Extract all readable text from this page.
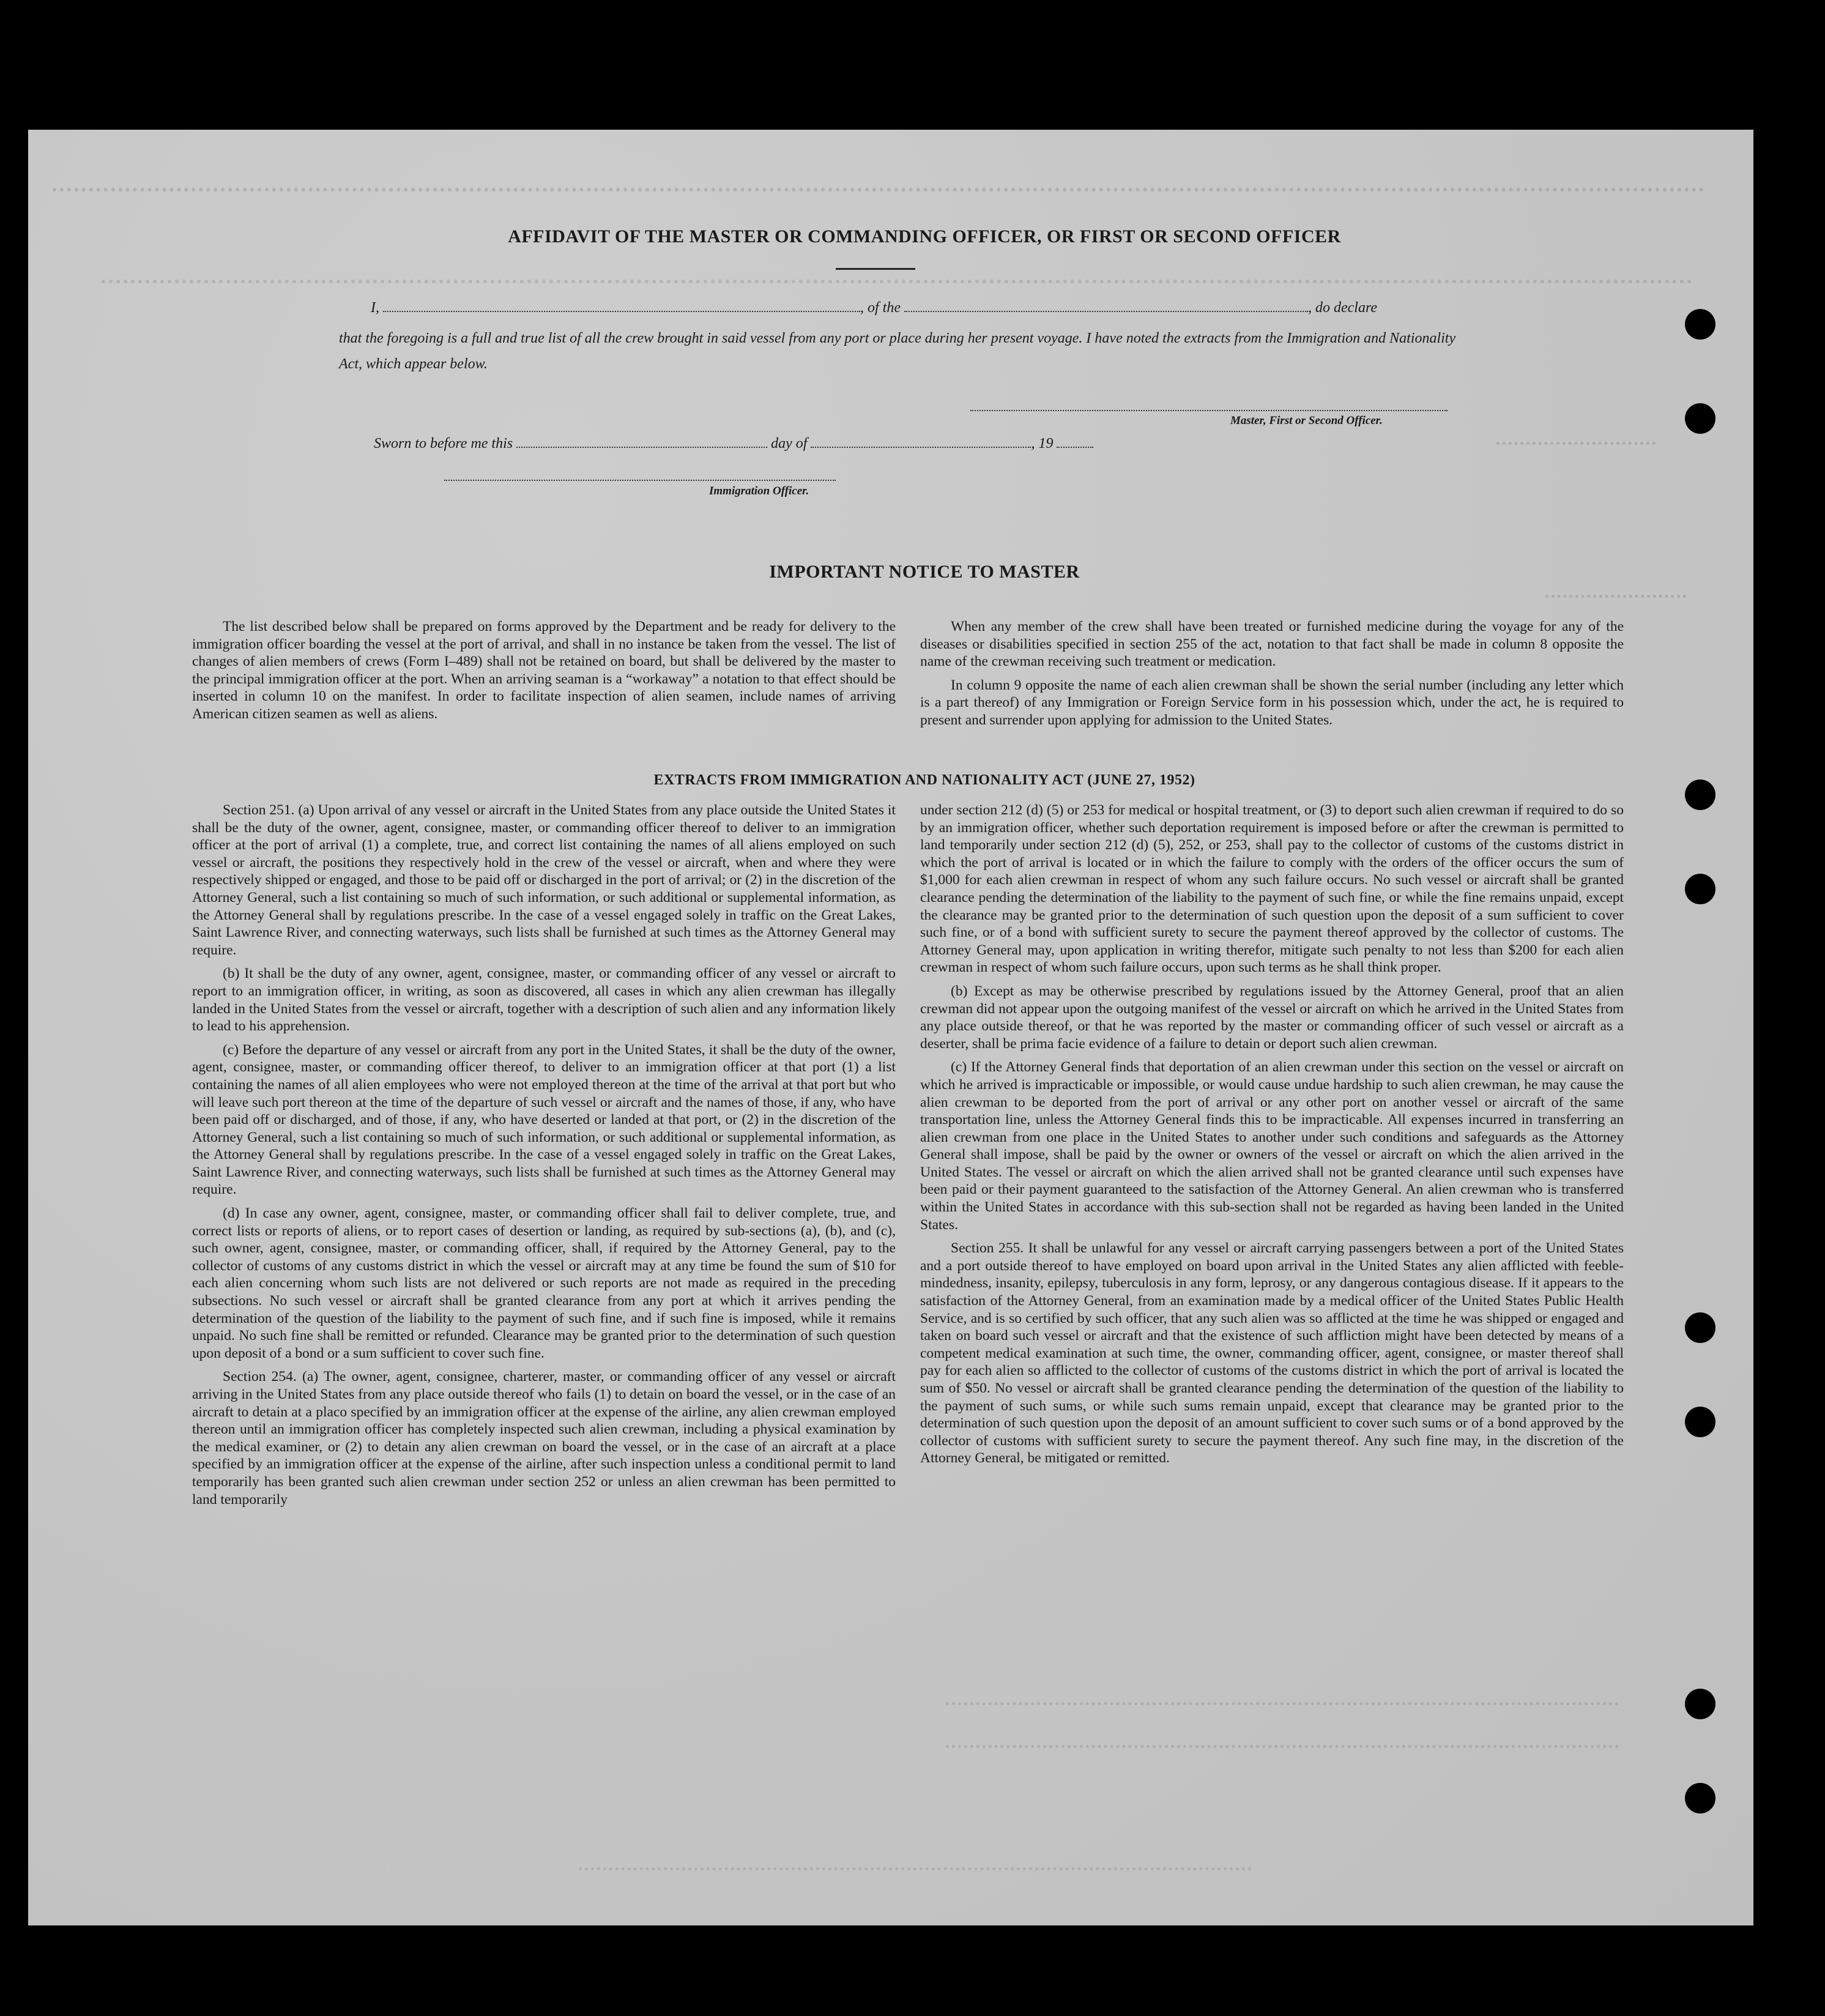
AFFIDAVIT OF THE MASTER OR COMMANDING OFFICER, OR FIRST OR SECOND OFFICER
I,	, of the	, do declare
that the foregoing is a full and true list of all the crew brought in said vessel from any port or place during her present voyage. I have noted the extracts from the Immigration and Nationality Act, which appear below.
Master, First or Second Officer.
Sworn to before me this	day of	, 19
Immigration Officer.
IMPORTANT NOTICE TO MASTER

The list described below shall be prepared on forms approved by the Department and be ready for delivery to the immigration officer boarding the vessel at the port of arrival, and shall in no instance be taken from the vessel. The list of changes of alien members of crews (Form I–489) shall not be retained on board, but shall be delivered by the master to the principal immigration officer at the port. When an arriving seaman is a “workaway” a notation to that effect should be inserted in column 10 on the manifest. In order to facilitate inspection of alien seamen, include names of arriving American citizen seamen as well as aliens.

When any member of the crew shall have been treated or furnished medicine during the voyage for any of the diseases or disabilities specified in section 255 of the act, notation to that fact shall be made in column 8 opposite the name of the crewman receiving such treatment or medication.

In column 9 opposite the name of each alien crewman shall be shown the serial number (including any letter which is a part thereof) of any Immigration or Foreign Service form in his possession which, under the act, he is required to present and surrender upon applying for admission to the United States.

EXTRACTS FROM IMMIGRATION AND NATIONALITY ACT (JUNE 27, 1952)

Section 251. (a) Upon arrival of any vessel or aircraft in the United States from any place outside the United States it shall be the duty of the owner, agent, consignee, master, or commanding officer thereof to deliver to an immigration officer at the port of arrival (1) a complete, true, and correct list containing the names of all aliens employed on such vessel or aircraft, the positions they respectively hold in the crew of the vessel or aircraft, when and where they were respectively shipped or engaged, and those to be paid off or discharged in the port of arrival; or (2) in the discretion of the Attorney General, such a list containing so much of such information, or such additional or supplemental information, as the Attorney General shall by regulations prescribe. In the case of a vessel engaged solely in traffic on the Great Lakes, Saint Lawrence River, and connecting waterways, such lists shall be furnished at such times as the Attorney General may require.

(b) It shall be the duty of any owner, agent, consignee, master, or commanding officer of any vessel or aircraft to report to an immigration officer, in writing, as soon as discovered, all cases in which any alien crewman has illegally landed in the United States from the vessel or aircraft, together with a description of such alien and any information likely to lead to his apprehension.

(c) Before the departure of any vessel or aircraft from any port in the United States, it shall be the duty of the owner, agent, consignee, master, or commanding officer thereof, to deliver to an immigration officer at that port (1) a list containing the names of all alien employees who were not employed thereon at the time of the arrival at that port but who will leave such port thereon at the time of the departure of such vessel or aircraft and the names of those, if any, who have been paid off or discharged, and of those, if any, who have deserted or landed at that port, or (2) in the discretion of the Attorney General, such a list containing so much of such information, or such additional or supplemental information, as the Attorney General shall by regulations prescribe. In the case of a vessel engaged solely in traffic on the Great Lakes, Saint Lawrence River, and connecting waterways, such lists shall be furnished at such times as the Attorney General may require.

(d) In case any owner, agent, consignee, master, or commanding officer shall fail to deliver complete, true, and correct lists or reports of aliens, or to report cases of desertion or landing, as required by sub-sections (a), (b), and (c), such owner, agent, consignee, master, or commanding officer, shall, if required by the Attorney General, pay to the collector of customs of any customs district in which the vessel or aircraft may at any time be found the sum of $10 for each alien concerning whom such lists are not delivered or such reports are not made as required in the preceding subsections. No such vessel or aircraft shall be granted clearance from any port at which it arrives pending the determination of the question of the liability to the payment of such fine, and if such fine is imposed, while it remains unpaid. No such fine shall be remitted or refunded. Clearance may be granted prior to the determination of such question upon deposit of a bond or a sum sufficient to cover such fine.

Section 254. (a) The owner, agent, consignee, charterer, master, or commanding officer of any vessel or aircraft arriving in the United States from any place outside thereof who fails (1) to detain on board the vessel, or in the case of an aircraft to detain at a placo specified by an immigration officer at the expense of the airline, any alien crewman employed thereon until an immigration officer has completely inspected such alien crewman, including a physical examination by the medical examiner, or (2) to detain any alien crewman on board the vessel, or in the case of an aircraft at a place specified by an immigration officer at the expense of the airline, after such inspection unless a conditional permit to land temporarily has been granted such alien crewman under section 252 or unless an alien crewman has been permitted to land temporarily

under section 212 (d) (5) or 253 for medical or hospital treatment, or (3) to deport such alien crewman if required to do so by an immigration officer, whether such deportation requirement is imposed before or after the crewman is permitted to land temporarily under section 212 (d) (5), 252, or 253, shall pay to the collector of customs of the customs district in which the port of arrival is located or in which the failure to comply with the orders of the officer occurs the sum of $1,000 for each alien crewman in respect of whom any such failure occurs. No such vessel or aircraft shall be granted clearance pending the determination of the liability to the payment of such fine, or while the fine remains unpaid, except the clearance may be granted prior to the determination of such question upon the deposit of a sum sufficient to cover such fine, or of a bond with sufficient surety to secure the payment thereof approved by the collector of customs. The Attorney General may, upon application in writing therefor, mitigate such penalty to not less than $200 for each alien crewman in respect of whom such failure occurs, upon such terms as he shall think proper.

(b) Except as may be otherwise prescribed by regulations issued by the Attorney General, proof that an alien crewman did not appear upon the outgoing manifest of the vessel or aircraft on which he arrived in the United States from any place outside thereof, or that he was reported by the master or commanding officer of such vessel or aircraft as a deserter, shall be prima facie evidence of a failure to detain or deport such alien crewman.

(c) If the Attorney General finds that deportation of an alien crewman under this section on the vessel or aircraft on which he arrived is impracticable or impossible, or would cause undue hardship to such alien crewman, he may cause the alien crewman to be deported from the port of arrival or any other port on another vessel or aircraft of the same transportation line, unless the Attorney General finds this to be impracticable. All expenses incurred in transferring an alien crewman from one place in the United States to another under such conditions and safeguards as the Attorney General shall impose, shall be paid by the owner or owners of the vessel or aircraft on which the alien arrived in the United States. The vessel or aircraft on which the alien arrived shall not be granted clearance until such expenses have been paid or their payment guaranteed to the satisfaction of the Attorney General. An alien crewman who is transferred within the United States in accordance with this sub-section shall not be regarded as having been landed in the United States.

Section 255. It shall be unlawful for any vessel or aircraft carrying passengers between a port of the United States and a port outside thereof to have employed on board upon arrival in the United States any alien afflicted with feeble-mindedness, insanity, epilepsy, tuberculosis in any form, leprosy, or any dangerous contagious disease. If it appears to the satisfaction of the Attorney General, from an examination made by a medical officer of the United States Public Health Service, and is so certified by such officer, that any such alien was so afflicted at the time he was shipped or engaged and taken on board such vessel or aircraft and that the existence of such affliction might have been detected by means of a competent medical examination at such time, the owner, commanding officer, agent, consignee, or master thereof shall pay for each alien so afflicted to the collector of customs of the customs district in which the port of arrival is located the sum of $50. No vessel or aircraft shall be granted clearance pending the determination of the question of the liability to the payment of such sums, or while such sums remain unpaid, except that clearance may be granted prior to the determination of such question upon the deposit of an amount sufficient to cover such sums or of a bond approved by the collector of customs with sufficient surety to secure the payment thereof. Any such fine may, in the discretion of the Attorney General, be mitigated or remitted.
